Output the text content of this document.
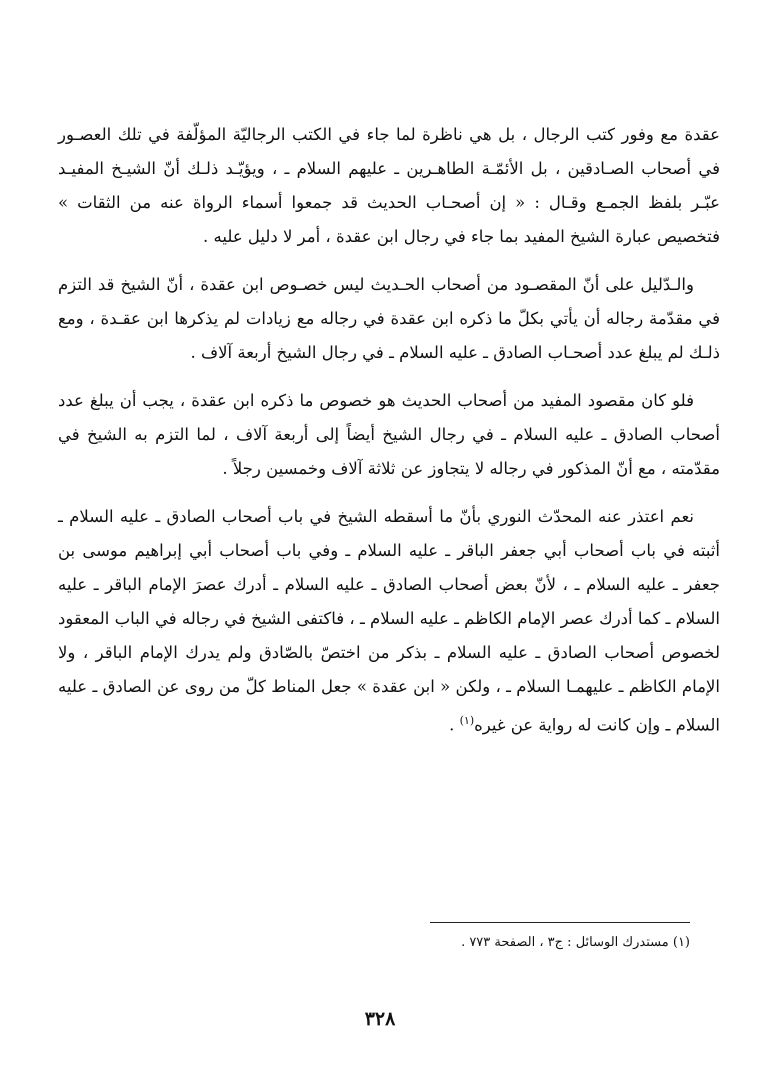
عقدة مع وفور كتب الرجال ، بل هي ناظرة لما جاء في الكتب الرجاليّة المؤلّفة في تلك العصـور في أصحاب الصـادقين ، بل الأئمّـة الطاهـرين ـ عليهم السلام ـ ، ويؤيّـد ذلـك أنّ الشيـخ المفيـد عبّـر بلفظ الجمـع وقـال : « إن أصحـاب الحديث قد جمعوا أسماء الرواة عنه من الثقات » فتخصيص عبارة الشيخ المفيد بما جاء في رجال ابن عقدة ، أمر لا دليل عليه .

والـدّليل على أنّ المقصـود من أصحاب الحـديث ليس خصـوص ابن عقدة ، أنّ الشيخ قد التزم في مقدّمة رجاله أن يأتي بكلّ ما ذكره ابن عقدة في رجاله مع زيادات لم يذكرها ابن عقـدة ، ومع ذلـك لم يبلغ عدد أصحـاب الصادق ـ عليه السلام ـ في رجال الشيخ أربعة آلاف .

فلو كان مقصود المفيد من أصحاب الحديث هو خصوص ما ذكره ابن عقدة ، يجب أن يبلغ عدد أصحاب الصادق ـ عليه السلام ـ في رجال الشيخ أيضاً إلى أربعة آلاف ، لما التزم به الشيخ في مقدّمته ، مع أنّ المذكور في رجاله لا يتجاوز عن ثلاثة آلاف وخمسين رجلاً .

نعم اعتذر عنه المحدّث النوري بأنّ ما أسقطه الشيخ في باب أصحاب الصادق ـ عليه السلام ـ أثبته في باب أصحاب أبي جعفر الباقر ـ عليه السلام ـ وفي باب أصحاب أبي إبراهيم موسى بن جعفر ـ عليه السلام ـ ، لأنّ بعض أصحاب الصادق ـ عليه السلام ـ أدرك عصرَ الإمام الباقر ـ عليه السلام ـ كما أدرك عصر الإمام الكاظم ـ عليه السلام ـ ، فاكتفى الشيخ في رجاله في الباب المعقود لخصوص أصحاب الصادق ـ عليه السلام ـ بذكر من اختصّ بالصّادق ولم يدرك الإمام الباقر ، ولا الإمام الكاظم ـ عليهمـا السلام ـ ، ولكن « ابن عقدة » جعل المناط كلّ من روى عن الصادق ـ عليه السلام ـ وإن كانت له رواية عن غيره$^{(١)}$ .

(١) مستدرك الوسائل : ج٣ ، الصفحة ٧٧٣ .
٣٢٨
